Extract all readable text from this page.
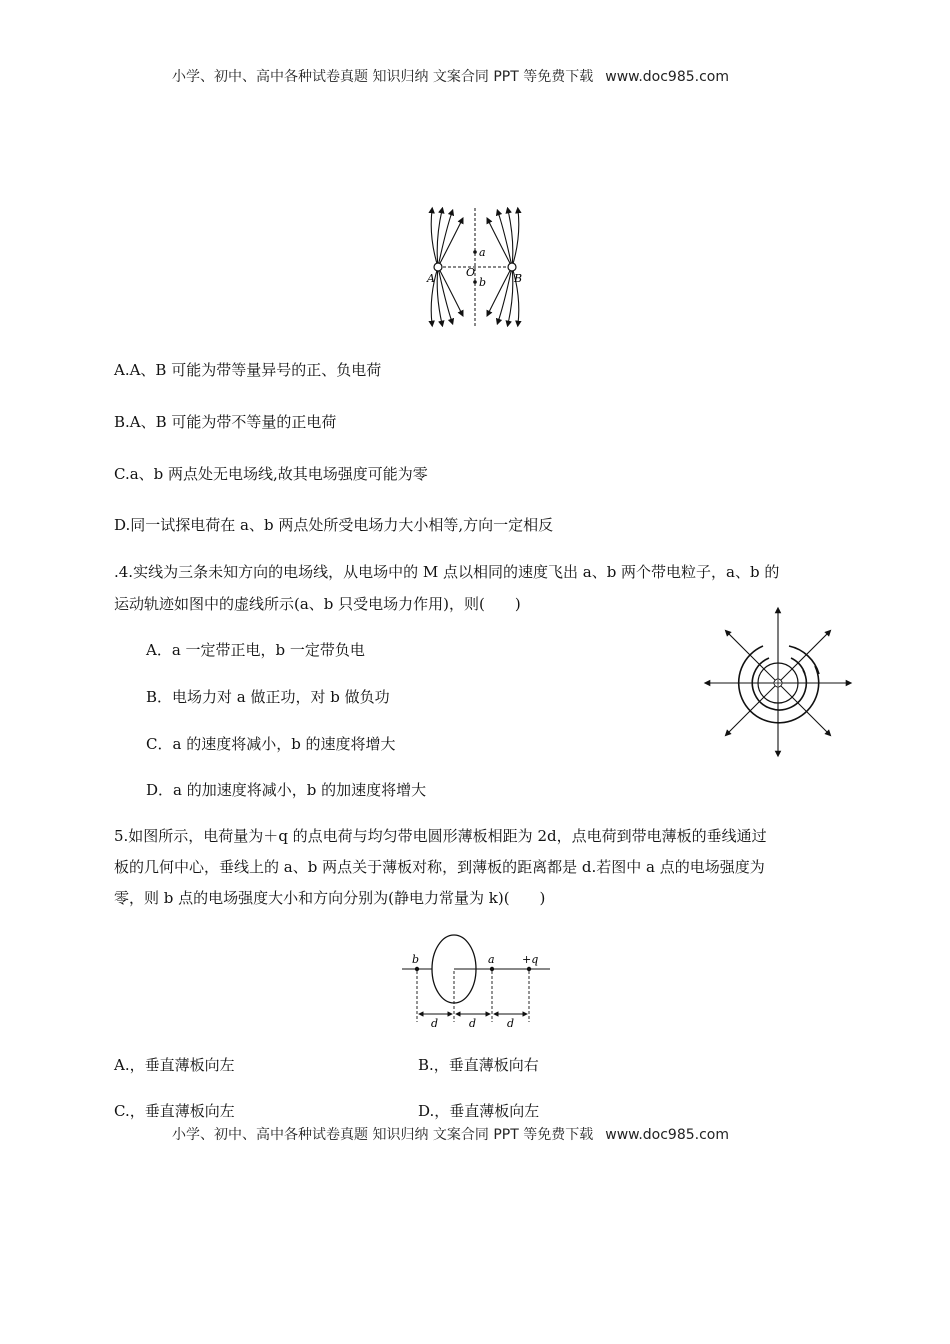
小学、初中、高中各种试卷真题 知识归纳 文案合同 PPT 等免费下载 www.doc985.com
a
b
O
A	B
A.A、B 可能为带等量异号的正、负电荷
B.A、B 可能为带不等量的正电荷
C.a、b 两点处无电场线,故其电场强度可能为零
D.同一试探电荷在 a、b 两点处所受电场力大小相等,方向一定相反
.4.实线为三条未知方向的电场线，从电场中的 M 点以相同的速度飞出 a、b 两个带电粒子，a、b 的
运动轨迹如图中的虚线所示(a、b 只受电场力作用)，则(　　)
A．a 一定带正电，b 一定带负电
B．电场力对 a 做正功，对 b 做负功
C．a 的速度将减小，b 的速度将增大
D．a 的加速度将减小，b 的加速度将增大
5.如图所示，电荷量为＋q 的点电荷与均匀带电圆形薄板相距为 2d，点电荷到带电薄板的垂线通过
板的几何中心，垂线上的 a、b 两点关于薄板对称，到薄板的距离都是 d.若图中 a 点的电场强度为
零，则 b 点的电场强度大小和方向分别为(静电力常量为 k)(　　)
b	a +q
d	d	d
A.，垂直薄板向左	B.，垂直薄板向右
C.，垂直薄板向左	D.，垂直薄板向左
小学、初中、高中各种试卷真题 知识归纳 文案合同 PPT 等免费下载 www.doc985.com
